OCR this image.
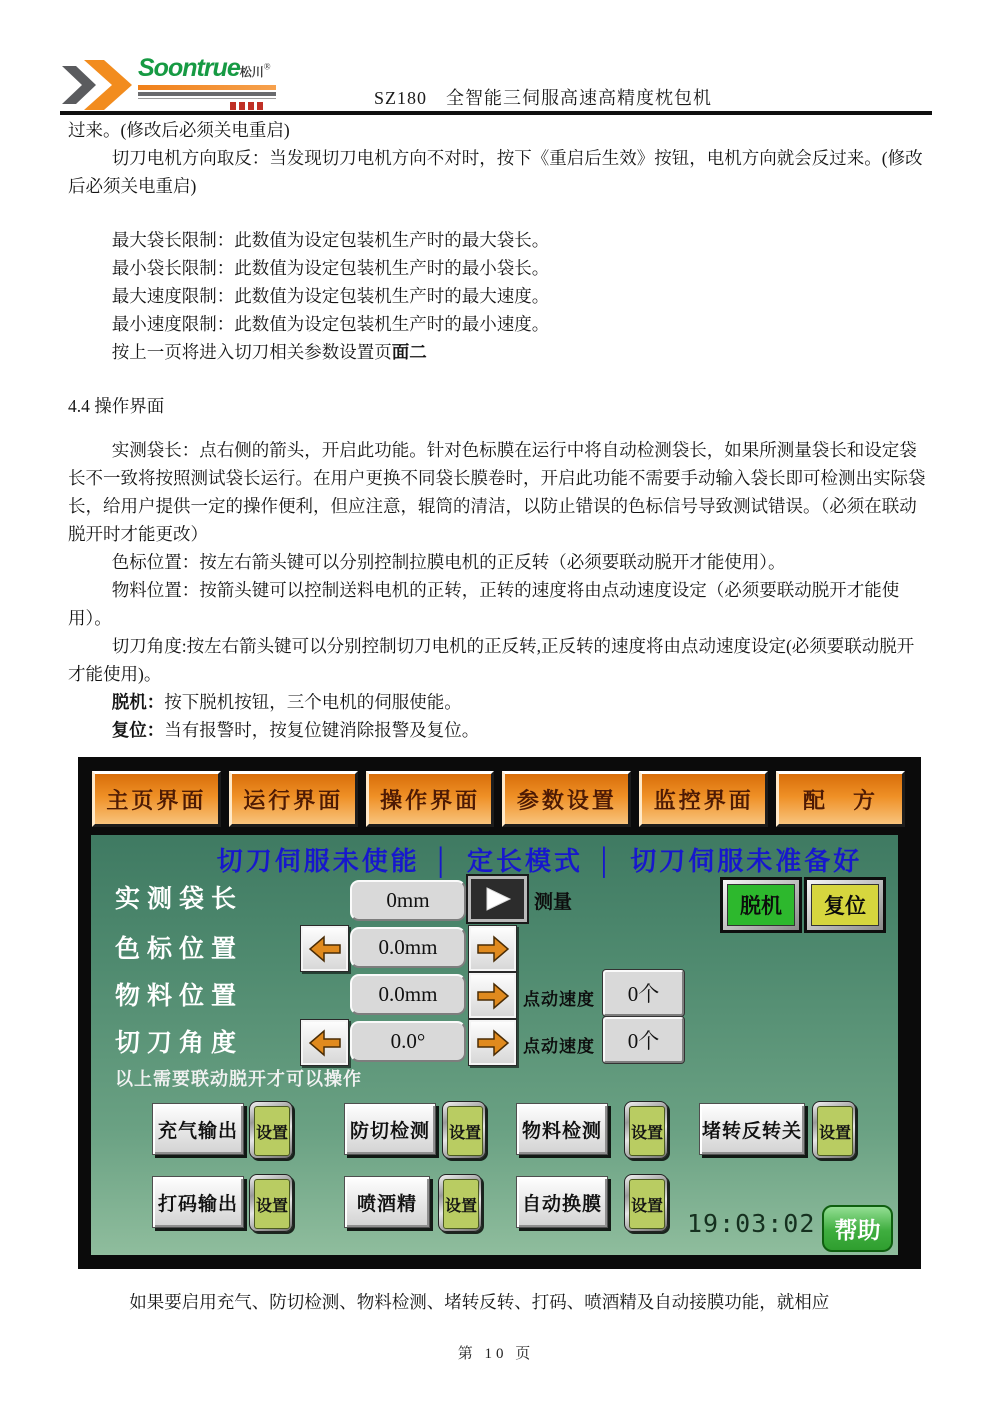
Soontrue松川®
SZ180　全智能三伺服高速高精度枕包机
过来。(修改后必须关电重启)
切刀电机方向取反：当发现切刀电机方向不对时，按下《重启后生效》按钮，电机方向就会反过来。(修改后必须关电重启)
最大袋长限制：此数值为设定包装机生产时的最大袋长。
最小袋长限制：此数值为设定包装机生产时的最小袋长。
最大速度限制：此数值为设定包装机生产时的最大速度。
最小速度限制：此数值为设定包装机生产时的最小速度。
按上一页将进入切刀相关参数设置页面二
4.4 操作界面
实测袋长：点右侧的箭头，开启此功能。针对色标膜在运行中将自动检测袋长，如果所测量袋长和设定袋长不一致将按照测试袋长运行。在用户更换不同袋长膜卷时，开启此功能不需要手动输入袋长即可检测出实际袋长，给用户提供一定的操作便利，但应注意，辊筒的清洁，以防止错误的色标信号导致测试错误。（必须在联动脱开时才能更改）
色标位置：按左右箭头键可以分别控制拉膜电机的正反转（必须要联动脱开才能使用）。
物料位置：按箭头键可以控制送料电机的正转，正转的速度将由点动速度设定（必须要联动脱开才能使用）。
切刀角度:按左右箭头键可以分别控制切刀电机的正反转,正反转的速度将由点动速度设定(必须要联动脱开才能使用)。
脱机：按下脱机按钮，三个电机的伺服使能。
复位：当有报警时，按复位键消除报警及复位。
主页界面	运行界面	操作界面	参数设置	监控界面	配　方
切刀伺服未使能 │ 定长模式 │ 切刀伺服未准备好
实测袋长	0mm	测量	脱机	复位
色标位置	0.0mm
物料位置	0.0mm	点动速度	0个
切刀角度	0.0°	点动速度	0个
以上需要联动脱开才可以操作
充气输出	设置	防切检测	设置	物料检测	设置 堵转反转关 设置
打码输出	设置	喷酒精	设置	自动换膜	设置
19:03:02 帮助
如果要启用充气、防切检测、物料检测、堵转反转、打码、喷酒精及自动接膜功能，就相应
第 10 页
